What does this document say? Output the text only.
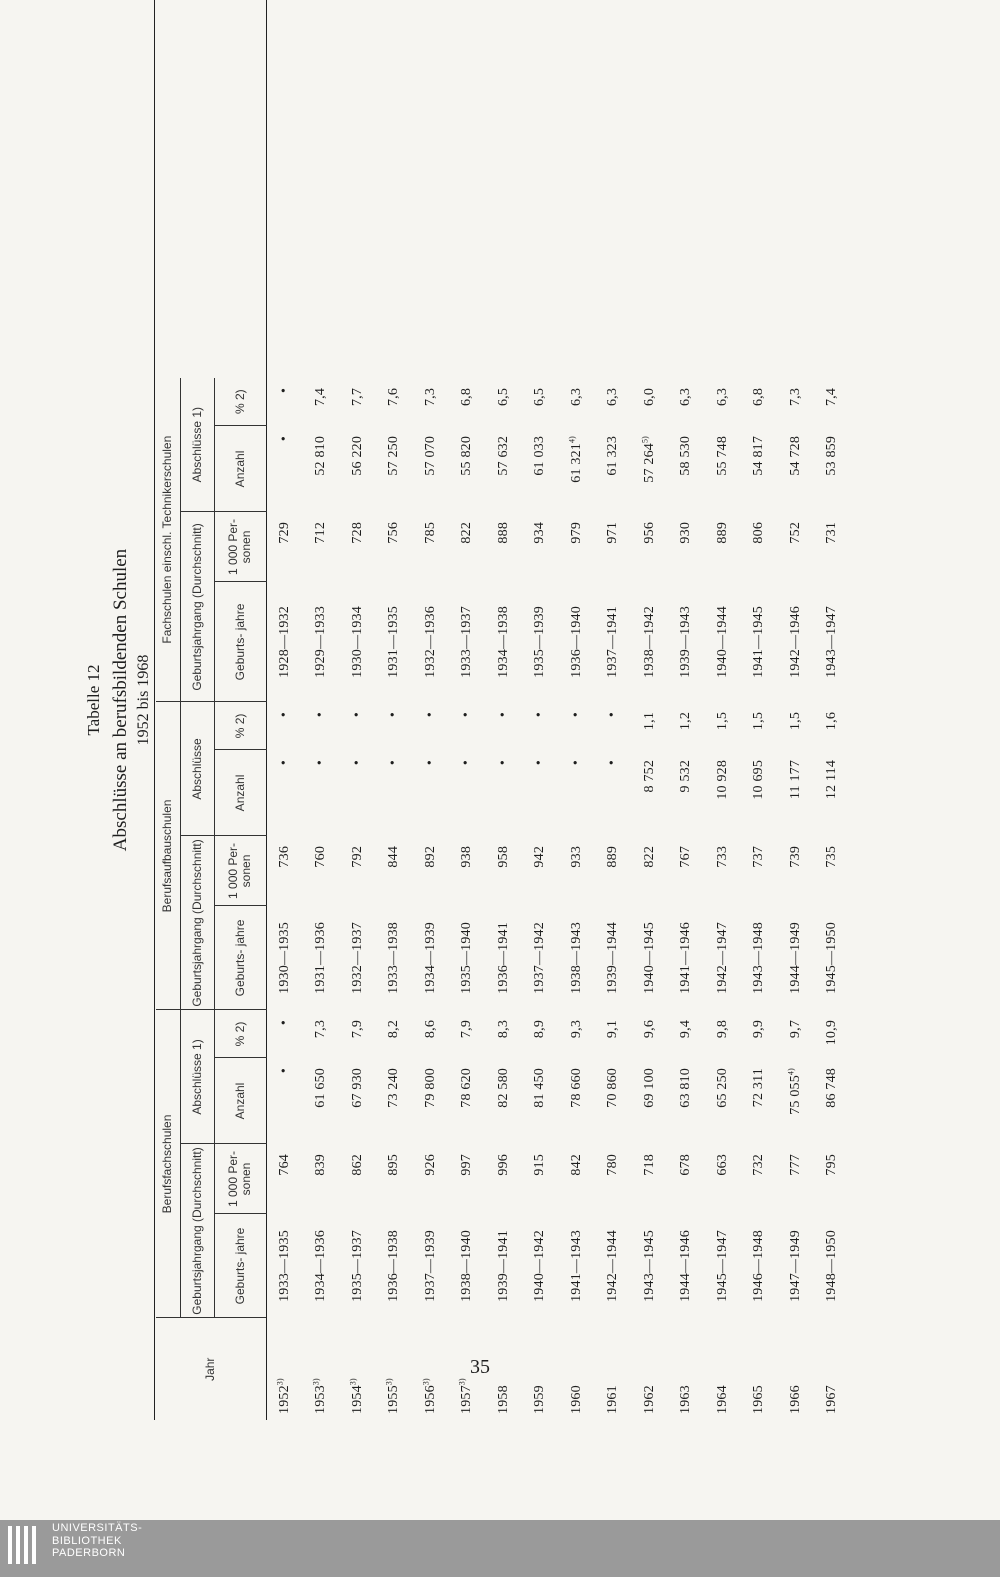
Tabelle 12 Abschlüsse an berufsbildenden Schulen 1952 bis 1968
Jahr	Berufsfachschulen				Berufsaufbauschulen				Fachschulen einschl. Technikerschulen				
	Geburtsjahrgang (Durchschnitt)		Abschlüsse 1)		Geburtsjahrgang (Durchschnitt)		Abschlüsse		Geburtsjahrgang (Durchschnitt)		Abschlüsse 1)		
	Geburts- jahre	1 000 Per- sonen	Anzahl	% 2)	Geburts- jahre	1 000 Per- sonen	Anzahl	% 2)	Geburts- jahre	1 000 Per- sonen	Anzahl	% 2)	
1952$^{3)}$	1933—1935	764	•	•	1930—1935	736	•	•	1928—1932	729	•	•	
1953$^{3)}$	1934—1936	839	61 650	7,3	1931—1936	760	•	•	1929—1933	712	52 810	7,4	
1954$^{3)}$	1935—1937	862	67 930	7,9	1932—1937	792	•	•	1930—1934	728	56 220	7,7	
1955$^{3)}$	1936—1938	895	73 240	8,2	1933—1938	844	•	•	1931—1935	756	57 250	7,6	
1956$^{3)}$	1937—1939	926	79 800	8,6	1934—1939	892	•	•	1932—1936	785	57 070	7,3	
1957$^{3)}$	1938—1940	997	78 620	7,9	1935—1940	938	•	•	1933—1937	822	55 820	6,8	
1958	1939—1941	996	82 580	8,3	1936—1941	958	•	•	1934—1938	888	57 632	6,5	
1959	1940—1942	915	81 450	8,9	1937—1942	942	•	•	1935—1939	934	61 033	6,5	
1960	1941—1943	842	78 660	9,3	1938—1943	933	•	•	1936—1940	979	61 321$^{4)}$	6,3	
1961	1942—1944	780	70 860	9,1	1939—1944	889	•	•	1937—1941	971	61 323	6,3	
1962	1943—1945	718	69 100	9,6	1940—1945	822	8 752	1,1	1938—1942	956	57 264$^{5)}$	6,0	
1963	1944—1946	678	63 810	9,4	1941—1946	767	9 532	1,2	1939—1943	930	58 530	6,3	
1964	1945—1947	663	65 250	9,8	1942—1947	733	10 928	1,5	1940—1944	889	55 748	6,3	
1965	1946—1948	732	72 311	9,9	1943—1948	737	10 695	1,5	1941—1945	806	54 817	6,8	
1966	1947—1949	777	75 055$^{4)}$	9,7	1944—1949	739	11 177	1,5	1942—1946	752	54 728	7,3	
1967	1948—1950	795	86 748	10,9	1945—1950	735	12 114	1,6	1943—1947	731	53 859	7,4	
35
UNIVERSITÄTS-
BIBLIOTHEK
PADERBORN
